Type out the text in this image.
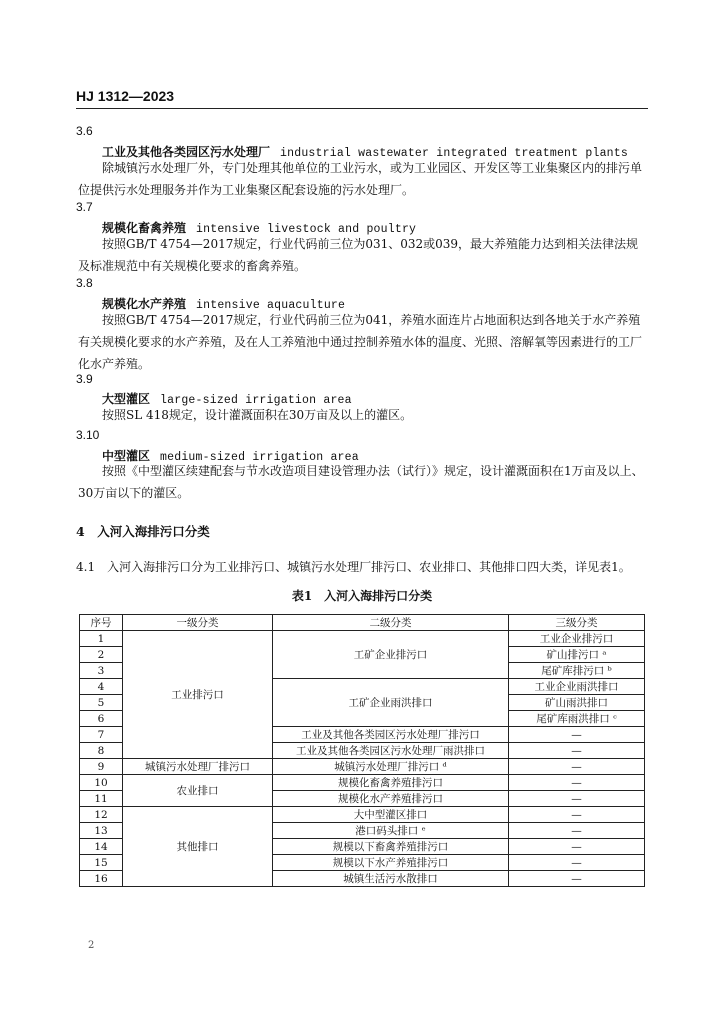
HJ 1312—2023
3.6
工业及其他各类园区污水处理厂 industrial wastewater integrated treatment plants
除城镇污水处理厂外，专门处理其他单位的工业污水，或为工业园区、开发区等工业集聚区内的排污单位提供污水处理服务并作为工业集聚区配套设施的污水处理厂。
3.7
规模化畜禽养殖 intensive livestock and poultry
按照GB/T 4754—2017规定，行业代码前三位为031、032或039，最大养殖能力达到相关法律法规及标准规范中有关规模化要求的畜禽养殖。
3.8
规模化水产养殖 intensive aquaculture
按照GB/T 4754—2017规定，行业代码前三位为041，养殖水面连片占地面积达到各地关于水产养殖有关规模化要求的水产养殖，及在人工养殖池中通过控制养殖水体的温度、光照、溶解氧等因素进行的工厂化水产养殖。
3.9
大型灌区 large-sized irrigation area
按照SL 418规定，设计灌溉面积在30万亩及以上的灌区。
3.10
中型灌区 medium-sized irrigation area
按照《中型灌区续建配套与节水改造项目建设管理办法（试行）》规定，设计灌溉面积在1万亩及以上、30万亩以下的灌区。
4　入河入海排污口分类
4.1　入河入海排污口分为工业排污口、城镇污水处理厂排污口、农业排口、其他排口四大类，详见表1。
表1　入河入海排污口分类
序号	一级分类	二级分类	三级分类
1	工业排污口	工矿企业排污口	工业企业排污口
2			矿山排污口 ᵃ
3			尾矿库排污口 ᵇ
4		工矿企业雨洪排口	工业企业雨洪排口
5			矿山雨洪排口
6			尾矿库雨洪排口 ᶜ
7		工业及其他各类园区污水处理厂排污口	—
8		工业及其他各类园区污水处理厂雨洪排口	—
9	城镇污水处理厂排污口	城镇污水处理厂排污口 ᵈ	—
10	农业排口	规模化畜禽养殖排污口	—
11		规模化水产养殖排污口	—
12	其他排口	大中型灌区排口	—
13		港口码头排口 ᵉ	—
14		规模以下畜禽养殖排污口	—
15		规模以下水产养殖排污口	—
16		城镇生活污水散排口	—
2
